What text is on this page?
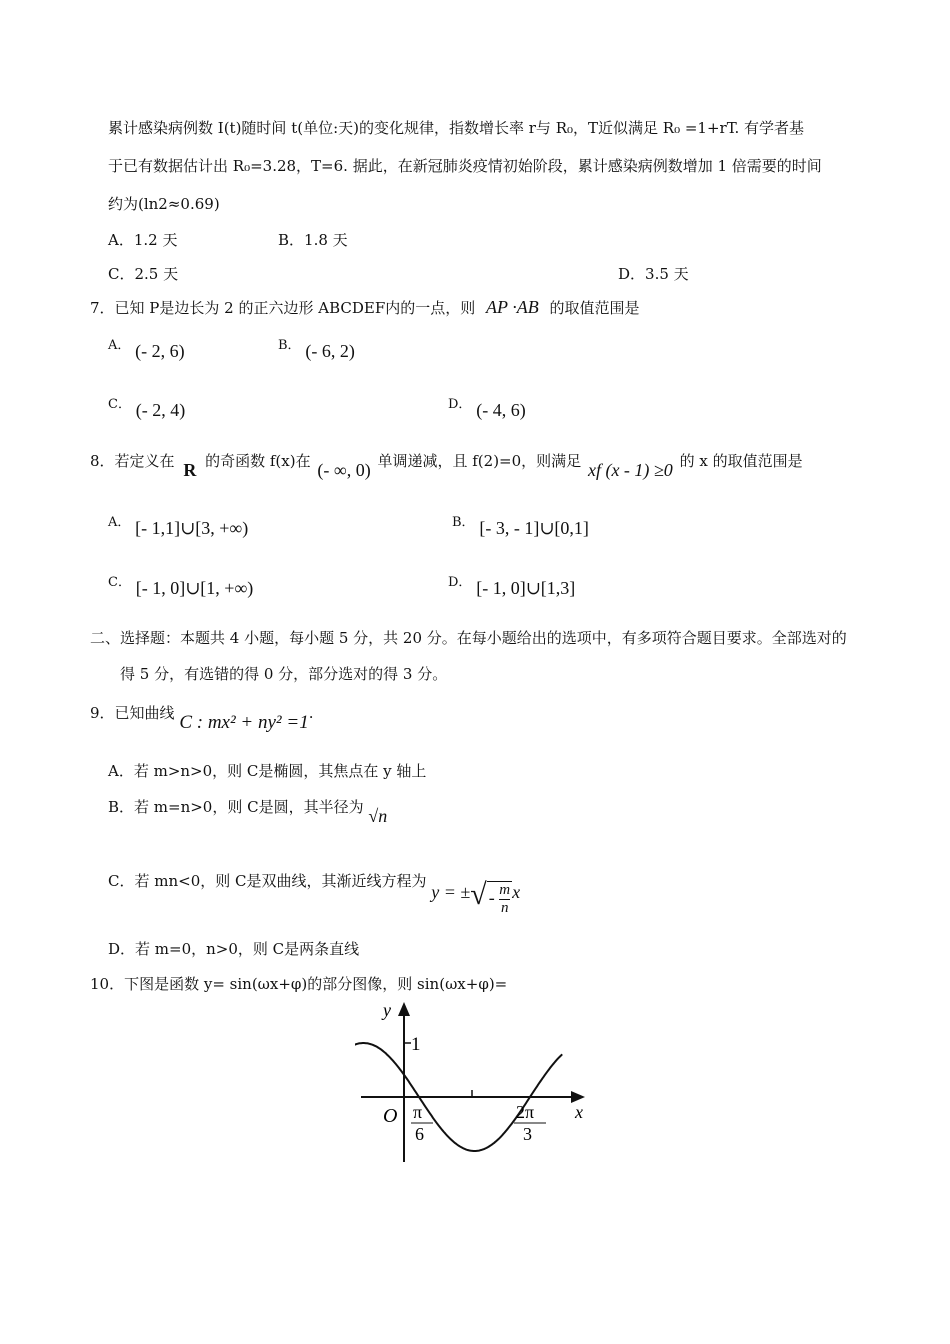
累计感染病例数 I(t)随时间 t(单位:天)的变化规律，指数增长率 r与 R₀，T近似满足 R₀ =1+rT. 有学者基
于已有数据估计出 R₀=3.28，T=6. 据此，在新冠肺炎疫情初始阶段，累计感染病例数增加 1 倍需要的时间
约为(ln2≈0.69)
A．1.2 天	B．1.8 天
C．2.5 天	D．3.5 天
7．已知 P是边长为 2 的正六边形 ABCDEF内的一点，则 AP ·AB 的取值范围是
A． (- 2, 6)	B． (- 6, 2)
C． (- 2, 4)	D． (- 4, 6)
8．若定义在 R 的奇函数 f(x)在 (- ∞, 0) 单调递减，且 f(2)=0，则满足 xf (x - 1) ≥0 的 x 的取值范围是
A． [- 1,1]∪[3, +∞)	B． [- 3, - 1]∪[0,1]
C． [- 1, 0]∪[1, +∞)	D． [- 1, 0]∪[1,3]
二、选择题：本题共 4 小题，每小题 5 分，共 20 分。在每小题给出的选项中，有多项符合题目要求。全部选对的
得 5 分，有选错的得 0 分，部分选对的得 3 分。
9．已知曲线 C : mx² + ny² =1.
A．若 m>n>0，则 C是椭圆，其焦点在 y 轴上
B．若 m=n>0，则 C是圆，其半径为 √n
C．若 mn<0，则 C是双曲线，其渐近线方程为 y = ±√ - $\frac{m}{n}$ x
D．若 m=0，n>0，则 C是两条直线
10．下图是函数 y= sin(ωx+φ)的部分图像，则 sin(ωx+φ)=
y
x
O
1
π
6
2π
3
